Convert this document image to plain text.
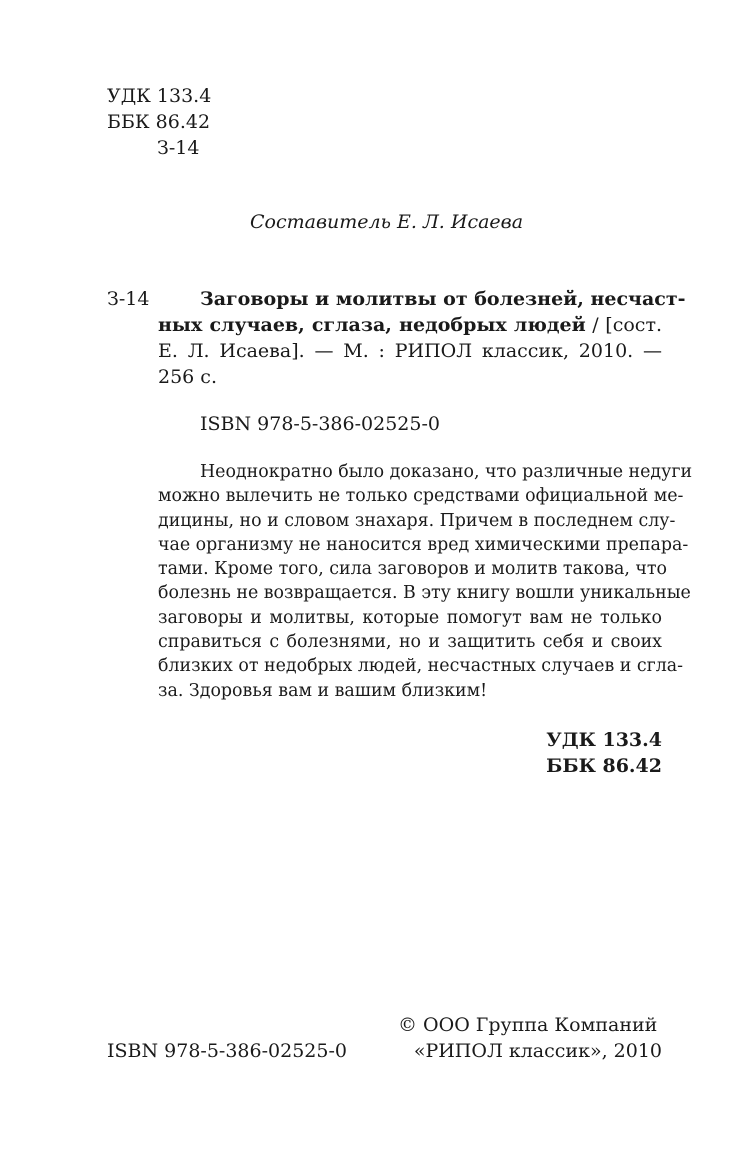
УДК 133.4
ББК 86.42
З-14
Составитель Е. Л. Исаева
З-14	Заговоры и молитвы от болезней, несчаст-
ных случаев, сглаза, недобрых людей / [сост.
Е. Л. Исаева]. — М. : РИПОЛ классик, 2010. —
256 с.
ISBN 978-5-386-02525-0
Неоднократно было доказано, что различные недуги
можно вылечить не только средствами официальной ме-
дицины, но и словом знахаря. Причем в последнем слу-
чае организму не наносится вред химическими препара-
тами. Кроме того, сила заговоров и молитв такова, что
болезнь не возвращается. В эту книгу вошли уникальные
заговоры и молитвы, которые помогут вам не только
справиться с болезнями, но и защитить себя и своих
близких от недобрых людей, несчастных случаев и сгла-
за. Здоровья вам и вашим близким!
УДК 133.4
ББК 86.42
© ООО Группа Компаний
ISBN 978-5-386-02525-0	«РИПОЛ классик», 2010
